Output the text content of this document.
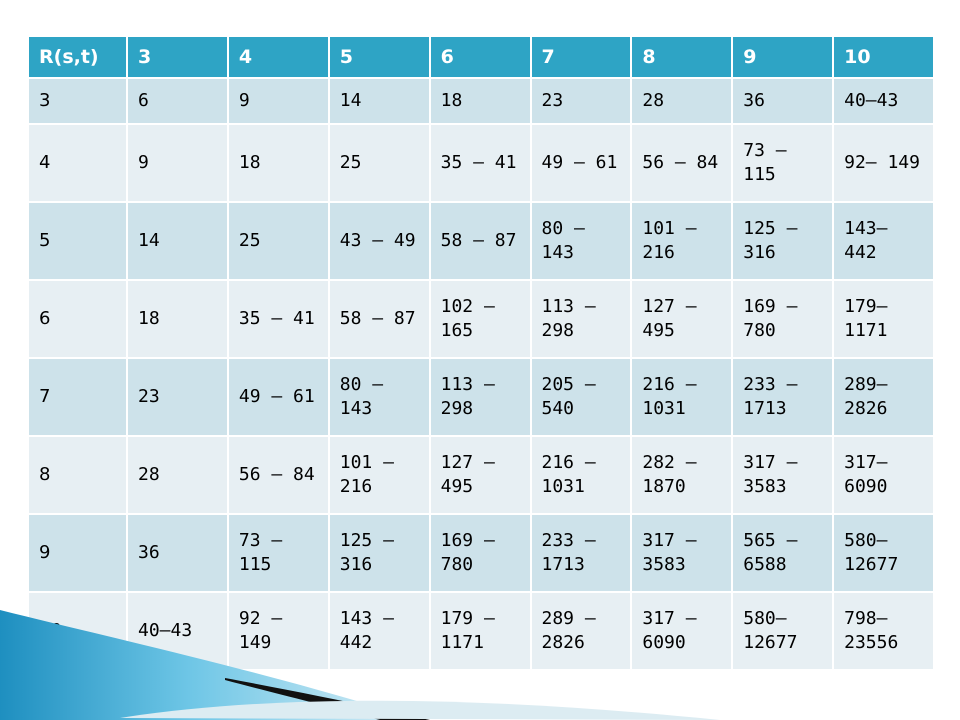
R(s,t)	3	4	5	6	7	8	9	10
3	6	9	14	18	23	28	36	40–43
4	9	18	25	35 – 41	49 – 61	56 – 84	73 – 115	92– 149
5	14	25	43 – 49	58 – 87	80 – 143	101 – 216	125 – 316	143– 442
6	18	35 – 41	58 – 87	102 – 165	113 – 298	127 – 495	169 – 780	179– 1171
7	23	49 – 61	80 – 143	113 – 298	205 – 540	216 – 1031	233 – 1713	289– 2826
8	28	56 – 84	101 – 216	127 – 495	216 – 1031	282 – 1870	317 – 3583	317– 6090
9	36	73 – 115	125 – 316	169 – 780	233 – 1713	317 – 3583	565 – 6588	580– 12677
	40–43	92 – 149	143 – 442	179 – 1171	289 – 2826	317 – 6090	580– 12677	798– 23556
